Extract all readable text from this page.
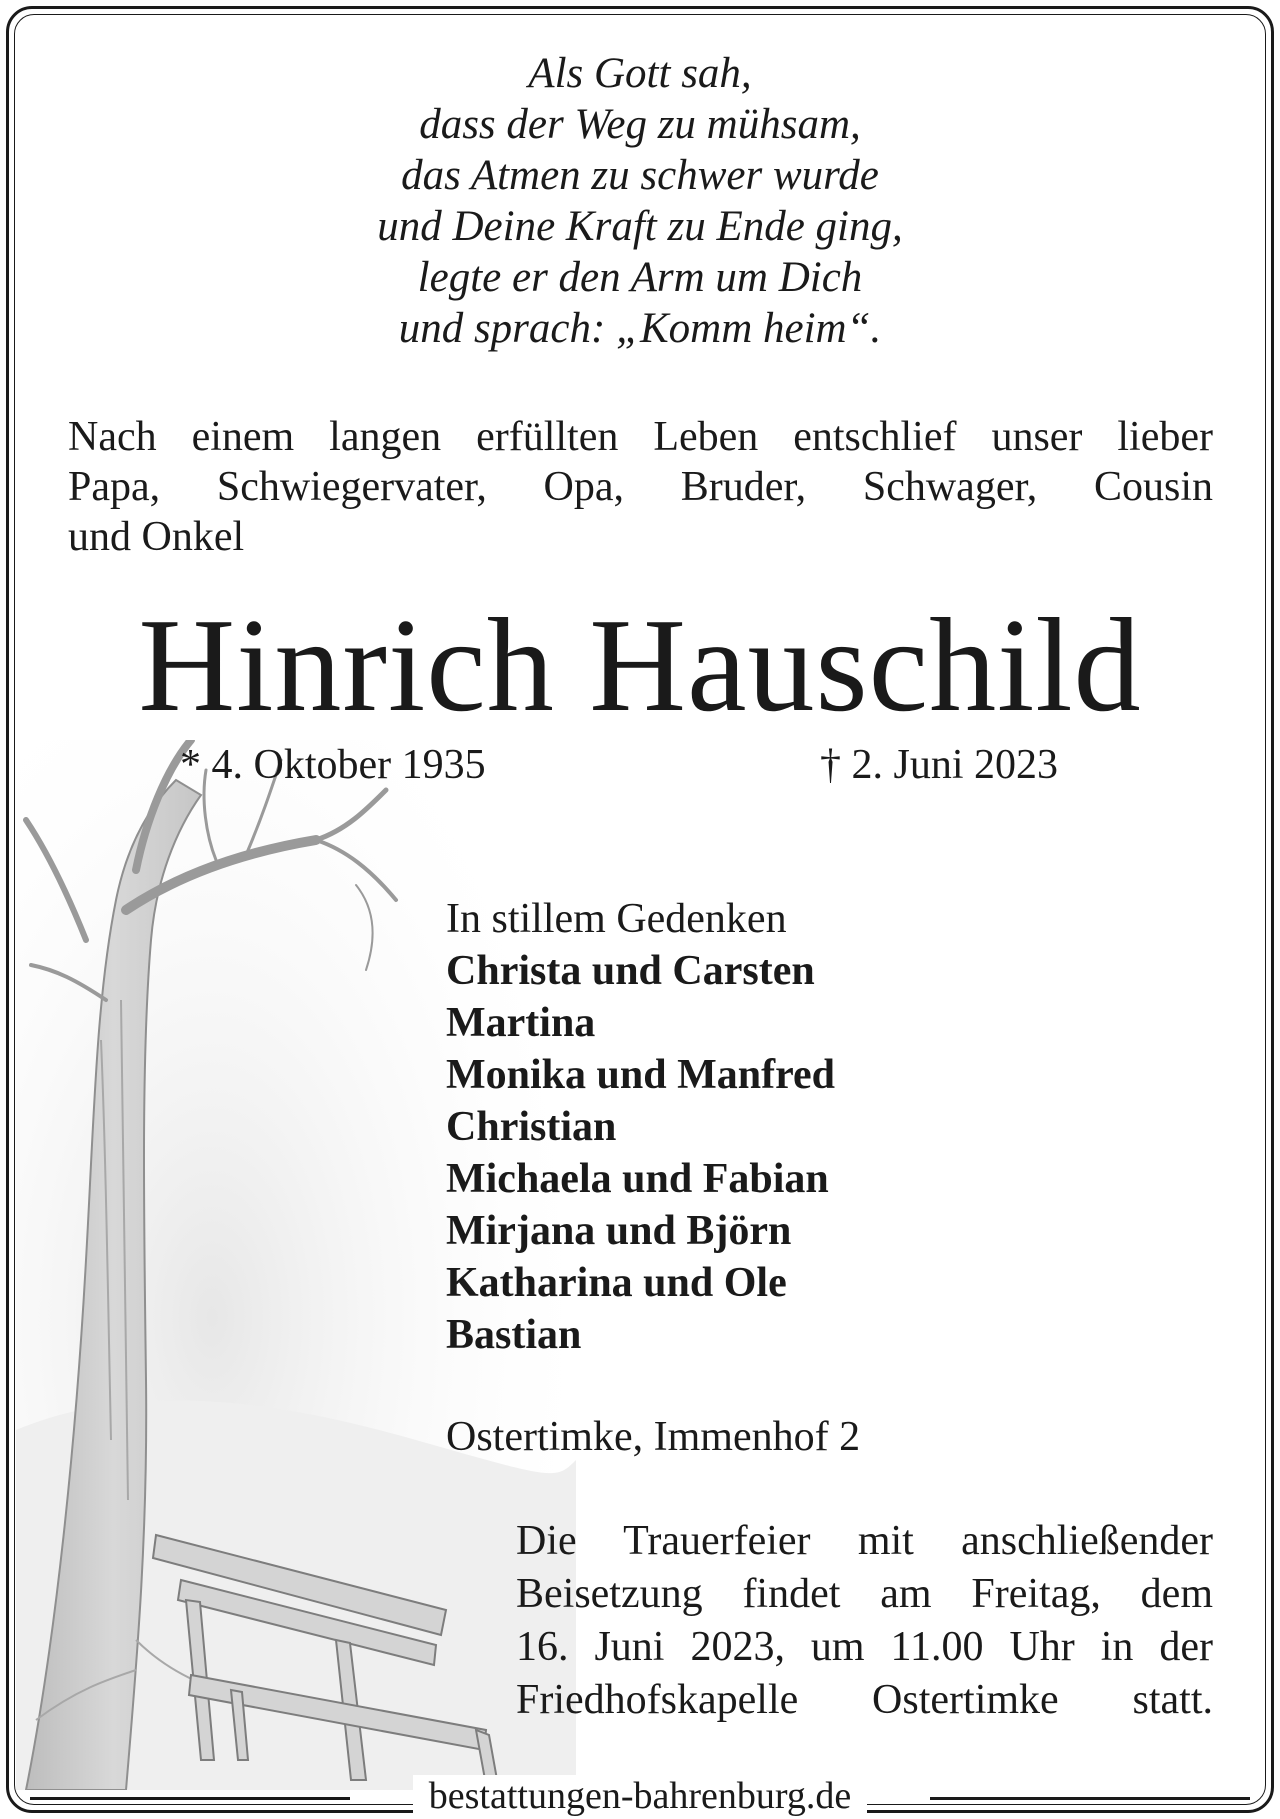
Als Gott sah,
dass der Weg zu mühsam,
das Atmen zu schwer wurde
und Deine Kraft zu Ende ging,
legte er den Arm um Dich
und sprach: „Komm heim“.
Nach einem langen erfüllten Leben entschlief unser lieber
Papa, Schwiegervater, Opa, Bruder, Schwager, Cousin
und Onkel
Hinrich Hauschild
* 4. Oktober 1935	† 2. Juni 2023
In stillem Gedenken
Christa und Carsten
Martina
Monika und Manfred
Christian
Michaela und Fabian
Mirjana und Björn
Katharina und Ole
Bastian
Ostertimke, Immenhof 2
Die Trauerfeier mit anschließender
Beisetzung findet am Freitag, dem
16. Juni 2023, um 11.00 Uhr in der
Friedhofskapelle Ostertimke statt.
bestattungen-bahrenburg.de
